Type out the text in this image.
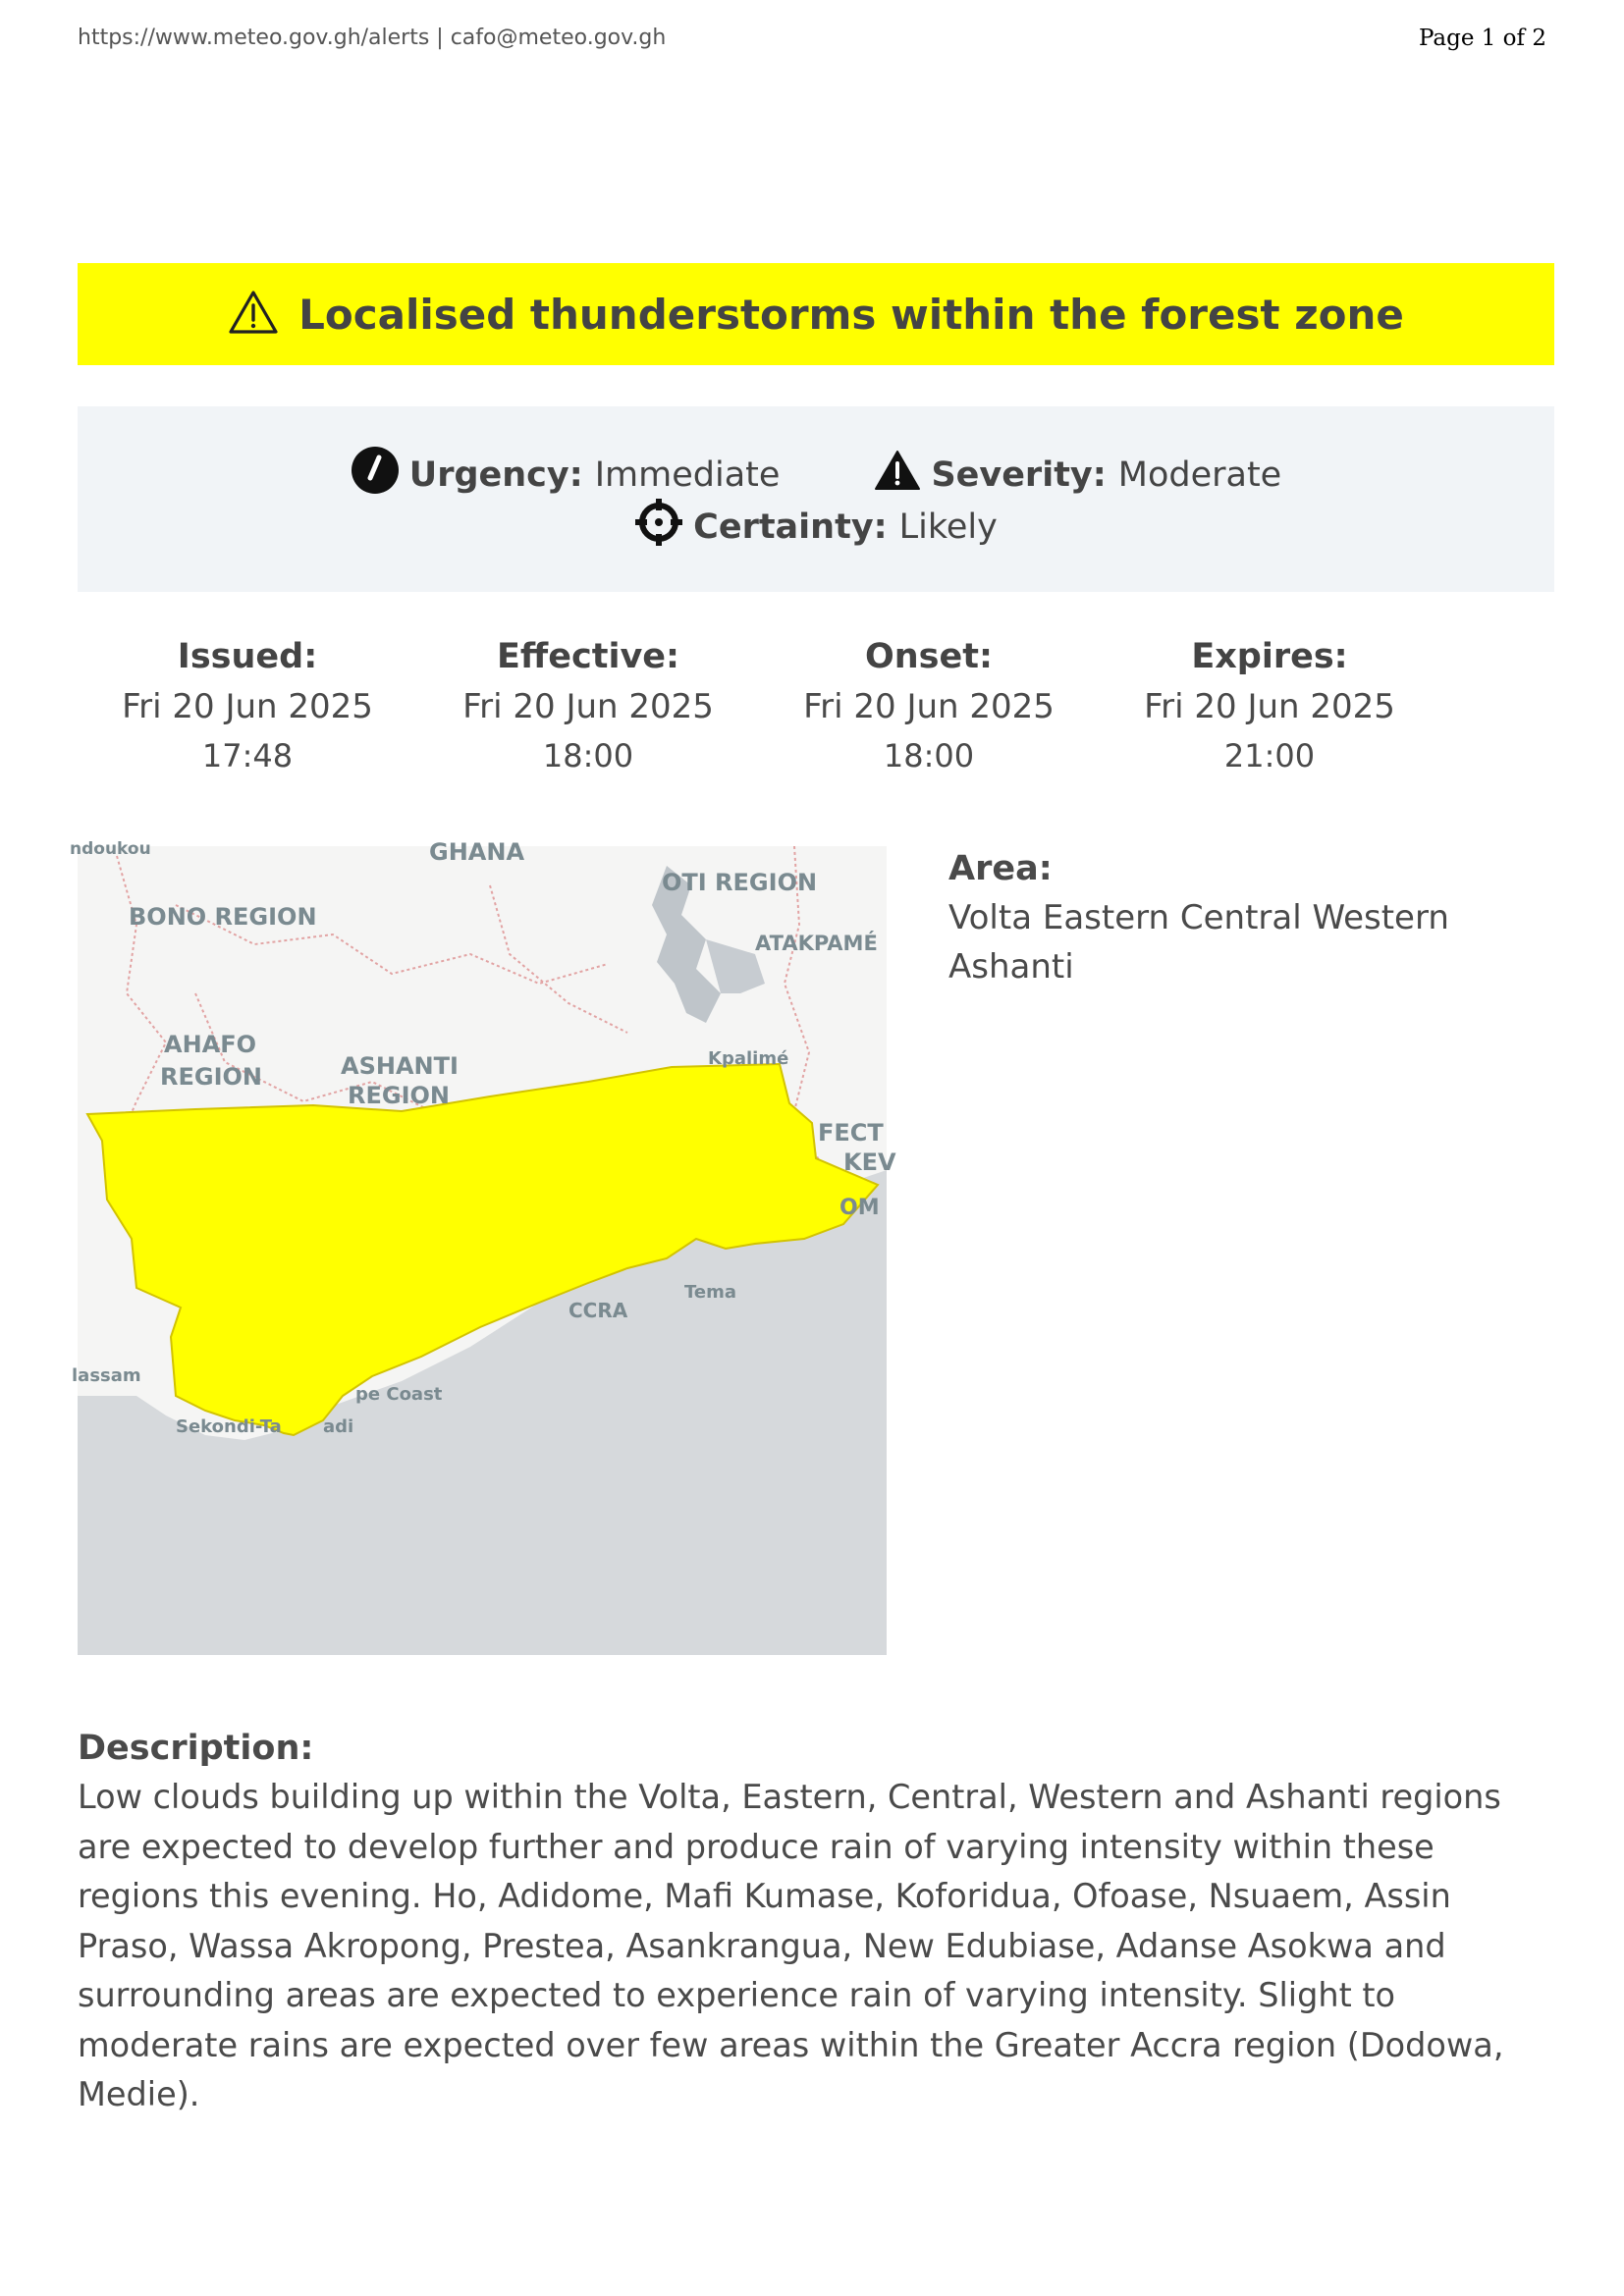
https://www.meteo.gov.gh/alerts | cafo@meteo.gov.gh	Page 1 of 2
Localised thunderstorms within the forest zone
Urgency: Immediate	Severity: Moderate
Certainty: Likely
Issued:
Fri 20 Jun 2025
17:48
Effective:
Fri 20 Jun 2025
18:00
Onset:
Fri 20 Jun 2025
18:00
Expires:
Fri 20 Jun 2025
21:00
ndoukou	GHANA
BONO REGION
OTI REGION
ATAKPAMÉ
AHAFO
REGION	ASHANTI
REGION
Kpalimé
FECT
KEV
OM
Tema
CCRA
lassam
pe Coast
Sekondi-Ta adi
Area:
Volta Eastern Central Western Ashanti
Description:
Low clouds building up within the Volta, Eastern, Central, Western and Ashanti regions are expected to develop further and produce rain of varying intensity within these regions this evening. Ho, Adidome, Mafi Kumase, Koforidua, Ofoase, Nsuaem, Assin Praso, Wassa Akropong, Prestea, Asankrangua, New Edubiase, Adanse Asokwa and surrounding areas are expected to experience rain of varying intensity. Slight to moderate rains are expected over few areas within the Greater Accra region (Dodowa, Medie).
